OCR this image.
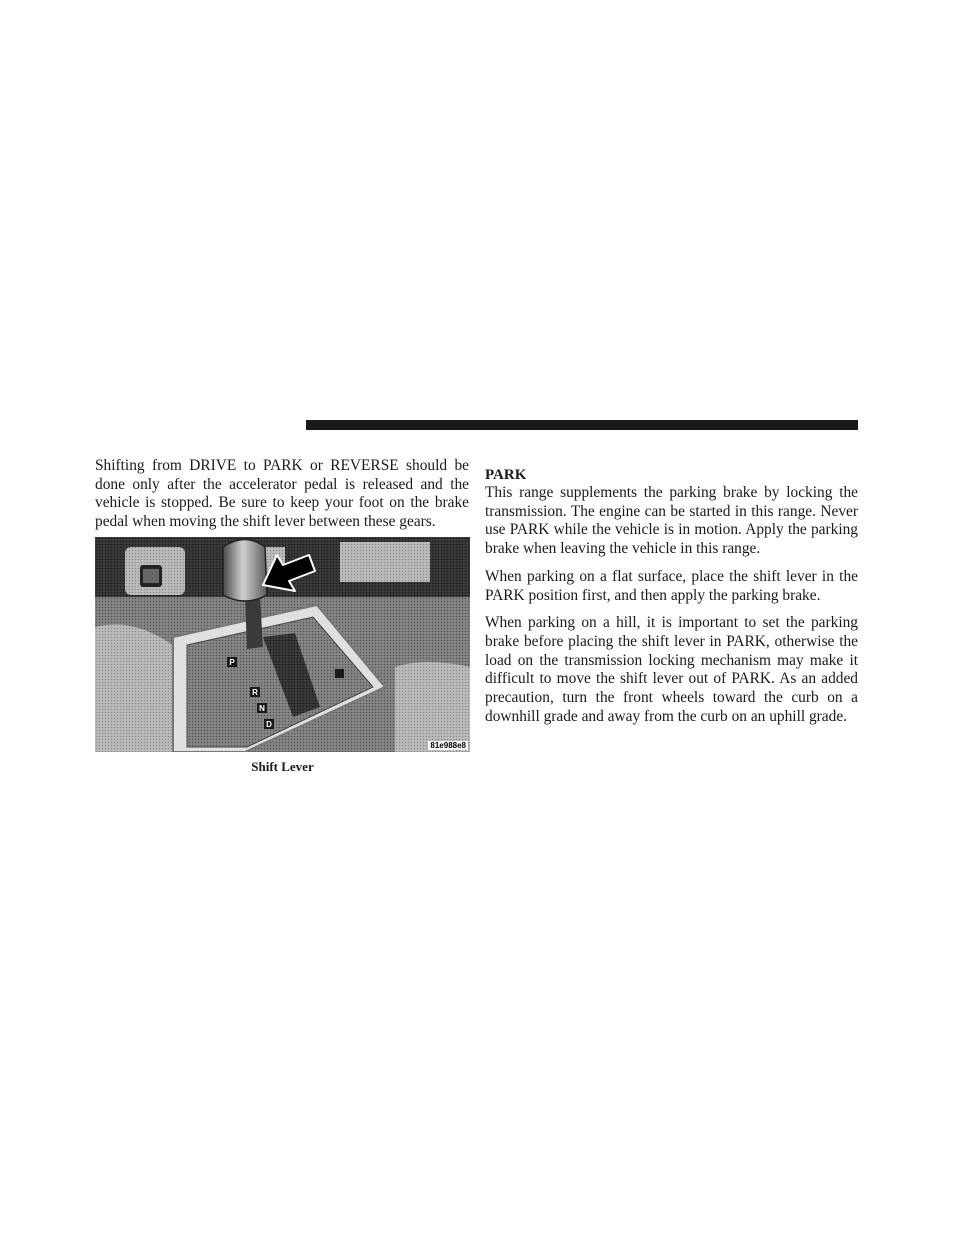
Shifting from DRIVE to PARK or REVERSE should be done only after the accelerator pedal is released and the vehicle is stopped. Be sure to keep your foot on the brake pedal when moving the shift lever between these gears.

P
R
N
D
81e988e8
Shift Lever
PARK

This range supplements the parking brake by locking the transmission. The engine can be started in this range. Never use PARK while the vehicle is in motion. Apply the parking brake when leaving the vehicle in this range.

When parking on a flat surface, place the shift lever in the PARK position first, and then apply the parking brake.

When parking on a hill, it is important to set the parking brake before placing the shift lever in PARK, otherwise the load on the transmission locking mechanism may make it difficult to move the shift lever out of PARK. As an added precaution, turn the front wheels toward the curb on a downhill grade and away from the curb on an uphill grade.
